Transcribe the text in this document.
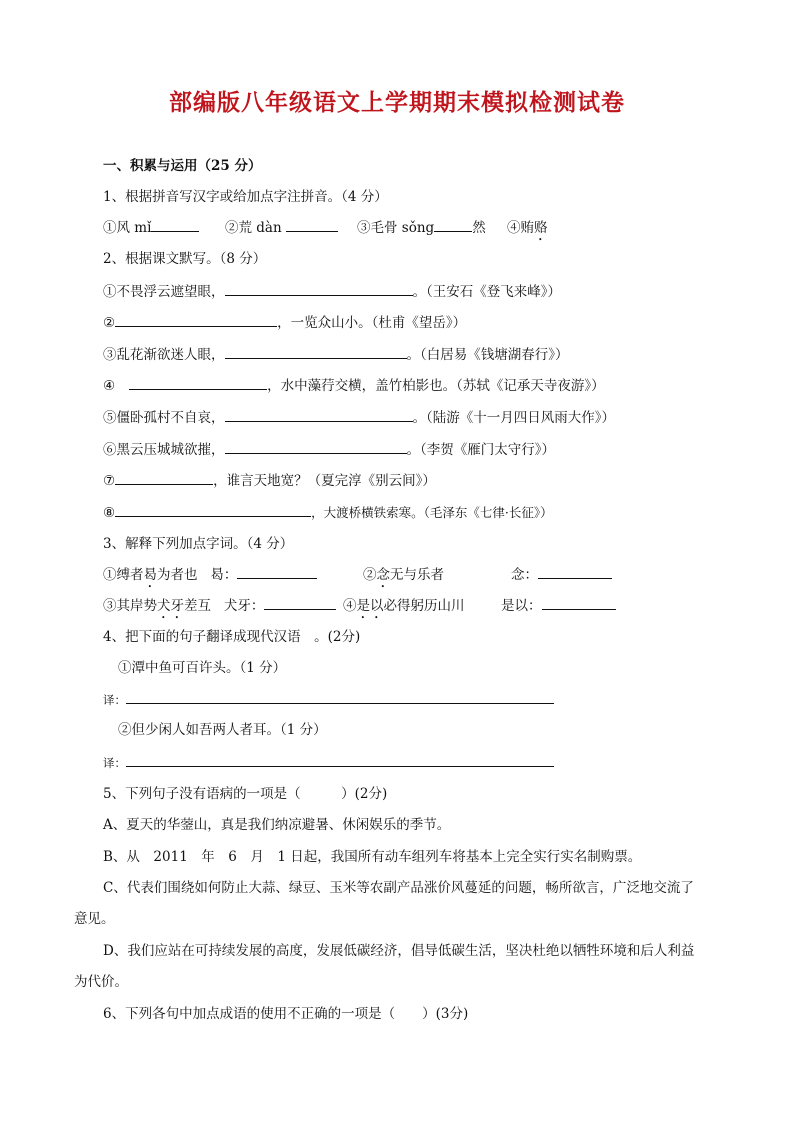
部编版八年级语文上学期期末模拟检测试卷
一、积累与运用（25 分）
1、根据拼音写汉字或给加点字注拼音。（4 分）
①风 mǐ	②荒 dàn	③毛骨 sǒng	然 ④贿赂
2、根据课文默写。（8 分）
①不畏浮云遮望眼，	。（王安石《登飞来峰》）
②	，一览众山小。（杜甫《望岳》）
③乱花渐欲迷人眼，	。（白居易《钱塘湖春行》）
④	，水中藻荇交横，盖竹柏影也。（苏轼《记承天寺夜游》）
⑤僵卧孤村不自哀，	。（陆游《十一月四日风雨大作》）
⑥黑云压城城欲摧，	。（李贺《雁门太守行》）
⑦	，谁言天地宽？（夏完淳《别云间》）
⑧	，大渡桥横铁索寒。（毛泽东《七律·长征》）
3、解释下列加点字词。（4 分）
①缚者曷为者也 曷：	②念无与乐者	念：
③其岸势犬牙差互 犬牙：	④是以必得躬历山川	是以：
4、把下面的句子翻译成现代汉语　。(2分)
①潭中鱼可百许头。（1 分）
译：
②但少闲人如吾两人者耳。（1 分）
译：
5、下列句子没有语病的一项是（　　　）(2分)
A、夏天的华蓥山，真是我们纳凉避暑、休闲娱乐的季节。
B、从　2011　年　6　月　1 日起，我国所有动车组列车将基本上完全实行实名制购票。
C、代表们围绕如何防止大蒜、绿豆、玉米等农副产品涨价风蔓延的问题，畅所欲言，广泛地交流了
意见。
D、我们应站在可持续发展的高度，发展低碳经济，倡导低碳生活，坚决杜绝以牺牲环境和后人利益
为代价。
6、下列各句中加点成语的使用不正确的一项是（　　）(3分)
